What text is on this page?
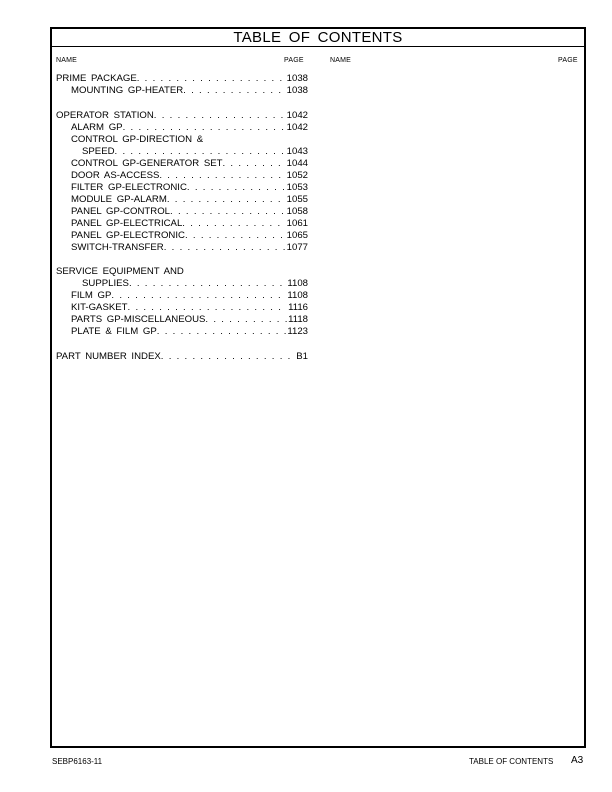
TABLE OF CONTENTS
NAME	PAGE	NAME	PAGE
PRIME PACKAGE . . .	1038
MOUNTING GP-HEATER . . .	1038
OPERATOR STATION . . .	1042
ALARM GP . . .	1042
CONTROL GP-DIRECTION &
SPEED . . .	1043
CONTROL GP-GENERATOR SET . . .	1044
DOOR AS-ACCESS . . .	1052
FILTER GP-ELECTRONIC . . .	1053
MODULE GP-ALARM . . .	1055
PANEL GP-CONTROL . . .	1058
PANEL GP-ELECTRICAL . . .	1061
PANEL GP-ELECTRONIC . . .	1065
SWITCH-TRANSFER . . .	1077
SERVICE EQUIPMENT AND
SUPPLIES . . .	1108
FILM GP . . .	1108
KIT-GASKET . . .	1116
PARTS GP-MISCELLANEOUS . . .	1118
PLATE & FILM GP . . .	1123
PART NUMBER INDEX . . .	B1
SEBP6163-11	TABLE OF CONTENTS A3
